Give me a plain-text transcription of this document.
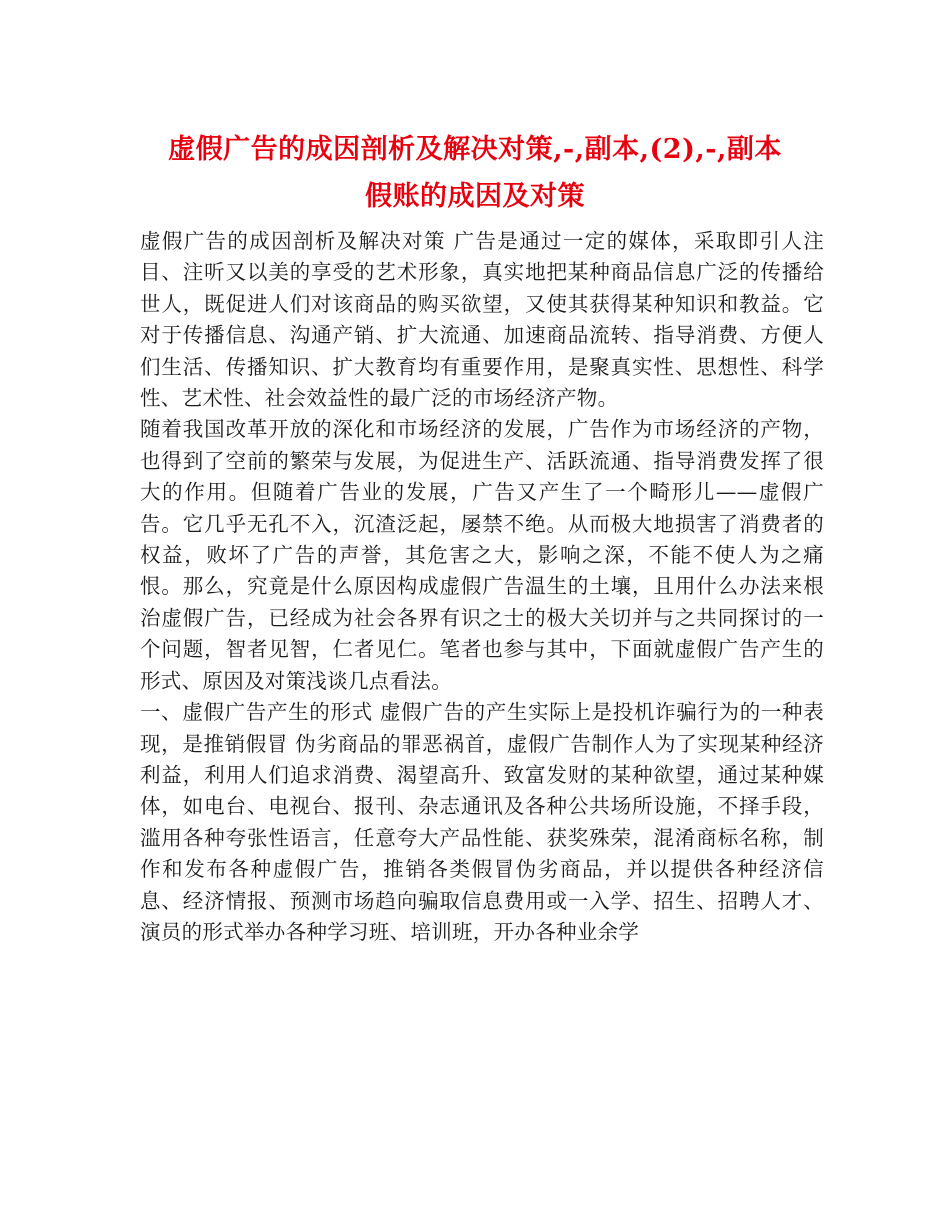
虚假广告的成因剖析及解决对策,-,副本,(2),-,副本
假账的成因及对策

虚假广告的成因剖析及解决对策 广告是通过一定的媒体，采取即引人注目、注听又以美的享受的艺术形象，真实地把某种商品信息广泛的传播给世人，既促进人们对该商品的购买欲望，又使其获得某种知识和教益。它对于传播信息、沟通产销、扩大流通、加速商品流转、指导消费、方便人们生活、传播知识、扩大教育均有重要作用，是聚真实性、思想性、科学性、艺术性、社会效益性的最广泛的市场经济产物。

随着我国改革开放的深化和市场经济的发展，广告作为市场经济的产物，也得到了空前的繁荣与发展，为促进生产、活跃流通、指导消费发挥了很大的作用。但随着广告业的发展，广告又产生了一个畸形儿——虚假广告。它几乎无孔不入，沉渣泛起，屡禁不绝。从而极大地损害了消费者的权益，败坏了广告的声誉，其危害之大，影响之深，不能不使人为之痛恨。那么，究竟是什么原因构成虚假广告温生的土壤，且用什么办法来根治虚假广告，已经成为社会各界有识之士的极大关切并与之共同探讨的一个问题，智者见智，仁者见仁。笔者也参与其中，下面就虚假广告产生的形式、原因及对策浅谈几点看法。

一、虚假广告产生的形式 虚假广告的产生实际上是投机诈骗行为的一种表现，是推销假冒 伪劣商品的罪恶祸首，虚假广告制作人为了实现某种经济利益，利用人们追求消费、渴望高升、致富发财的某种欲望，通过某种媒体，如电台、电视台、报刊、杂志通讯及各种公共场所设施，不择手段，滥用各种夸张性语言，任意夸大产品性能、获奖殊荣，混淆商标名称，制作和发布各种虚假广告，推销各类假冒伪劣商品，并以提供各种经济信息、经济情报、预测市场趋向骗取信息费用或一入学、招生、招聘人才、演员的形式举办各种学习班、培训班，开办各种业余学
